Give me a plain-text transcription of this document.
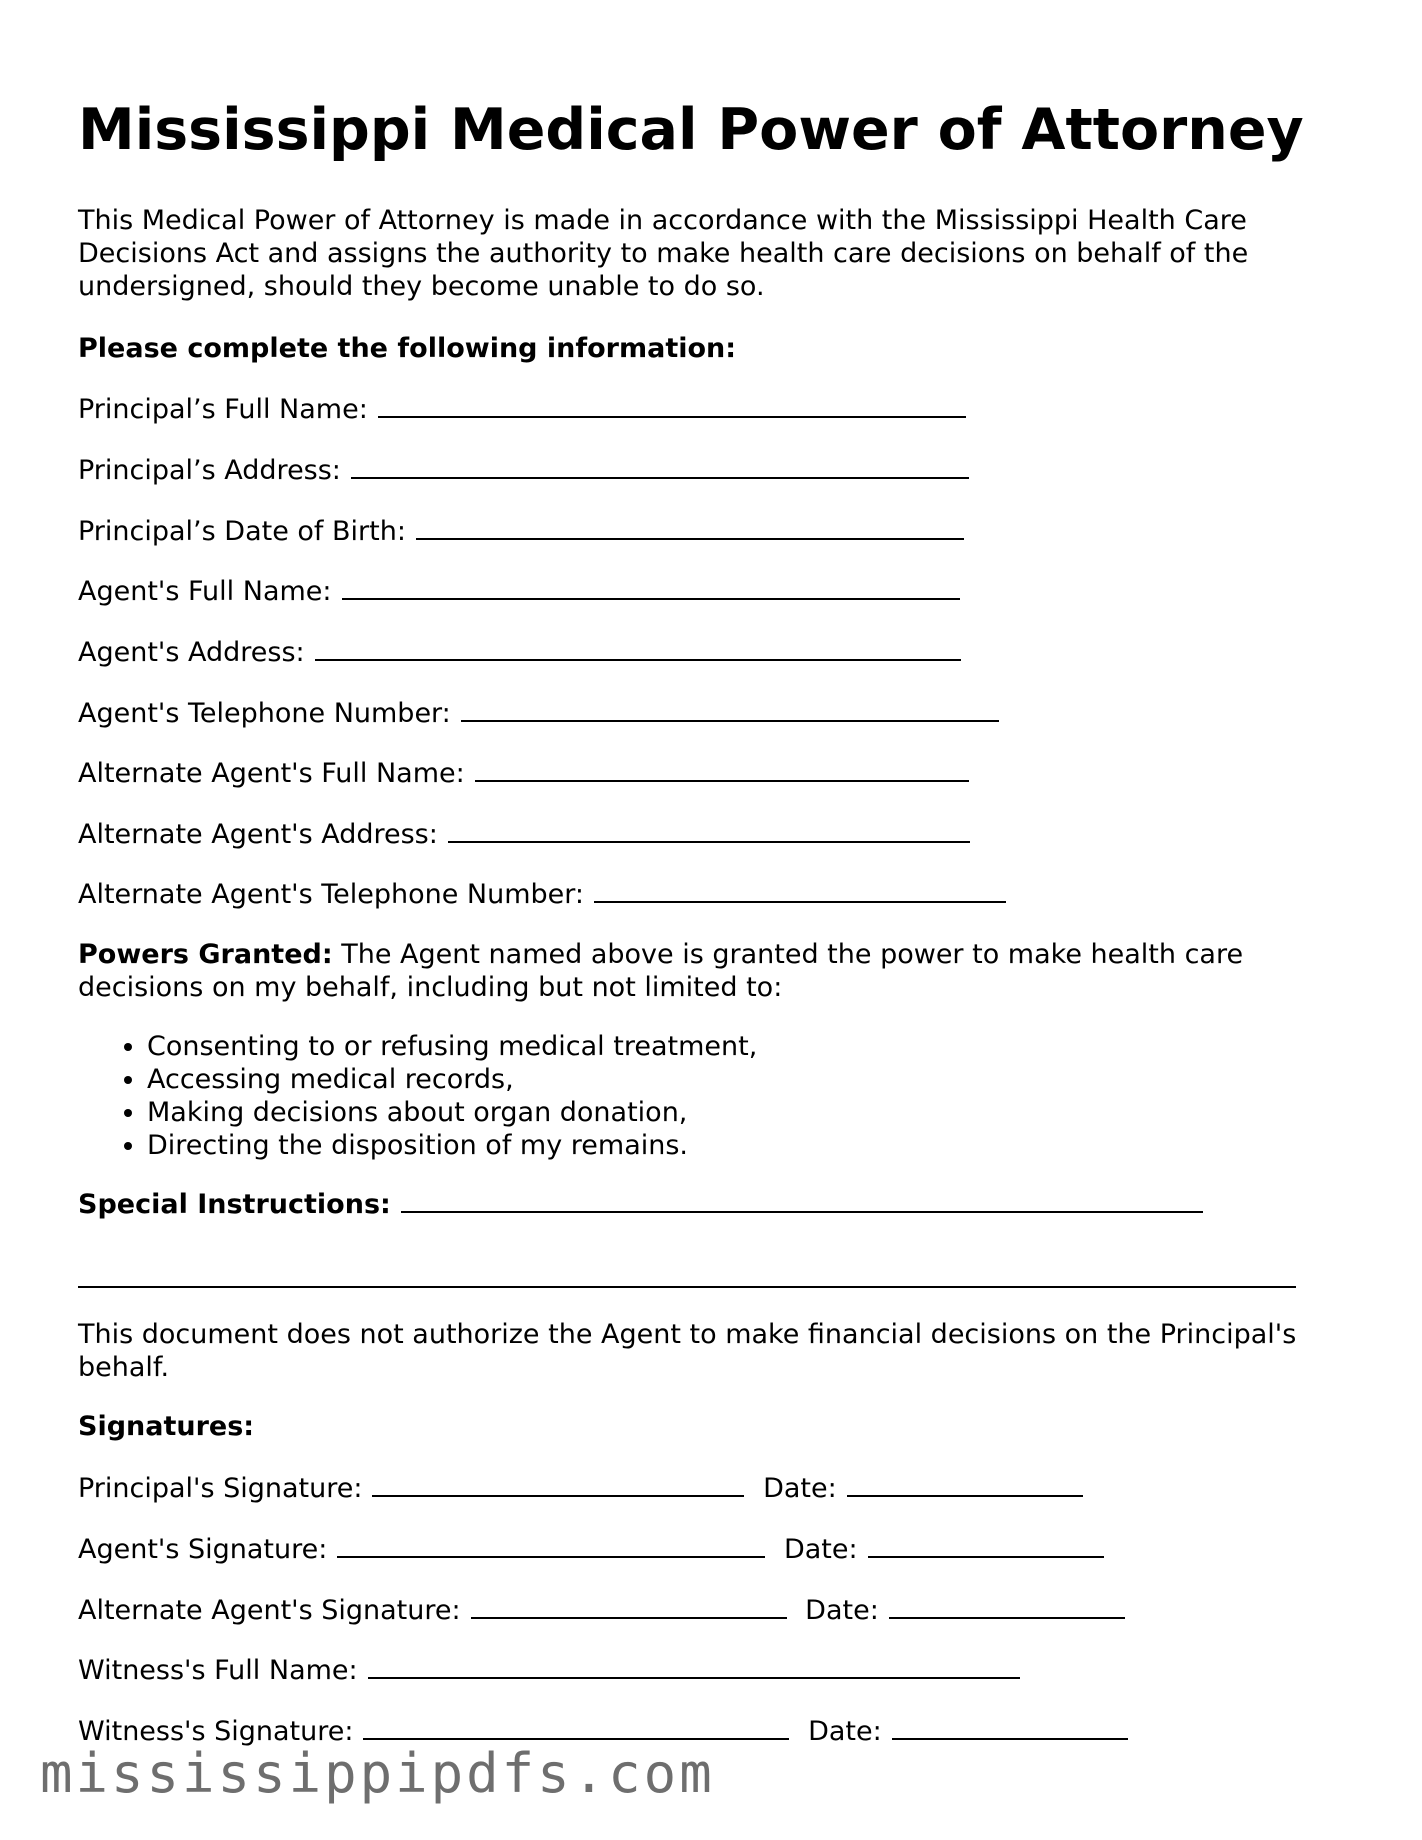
Mississippi Medical Power of Attorney

This Medical Power of Attorney is made in accordance with the Mississippi Health Care Decisions Act and assigns the authority to make health care decisions on behalf of the undersigned, should they become unable to do so.

Please complete the following information:

Principal’s Full Name:
Principal’s Address:
Principal’s Date of Birth:
Agent's Full Name:
Agent's Address:
Agent's Telephone Number:
Alternate Agent's Full Name:
Alternate Agent's Address:
Alternate Agent's Telephone Number:

Powers Granted: The Agent named above is granted the power to make health care decisions on my behalf, including but not limited to:

• Consenting to or refusing medical treatment,
• Accessing medical records,
• Making decisions about organ donation,
• Directing the disposition of my remains.
Special Instructions:

This document does not authorize the Agent to make financial decisions on the Principal's behalf.

Signatures:

Principal's Signature:	Date:
Agent's Signature:	Date:
Alternate Agent's Signature:	Date:
Witness's Full Name:
Witness's Signature:	Date:
mississippipdfs.com
